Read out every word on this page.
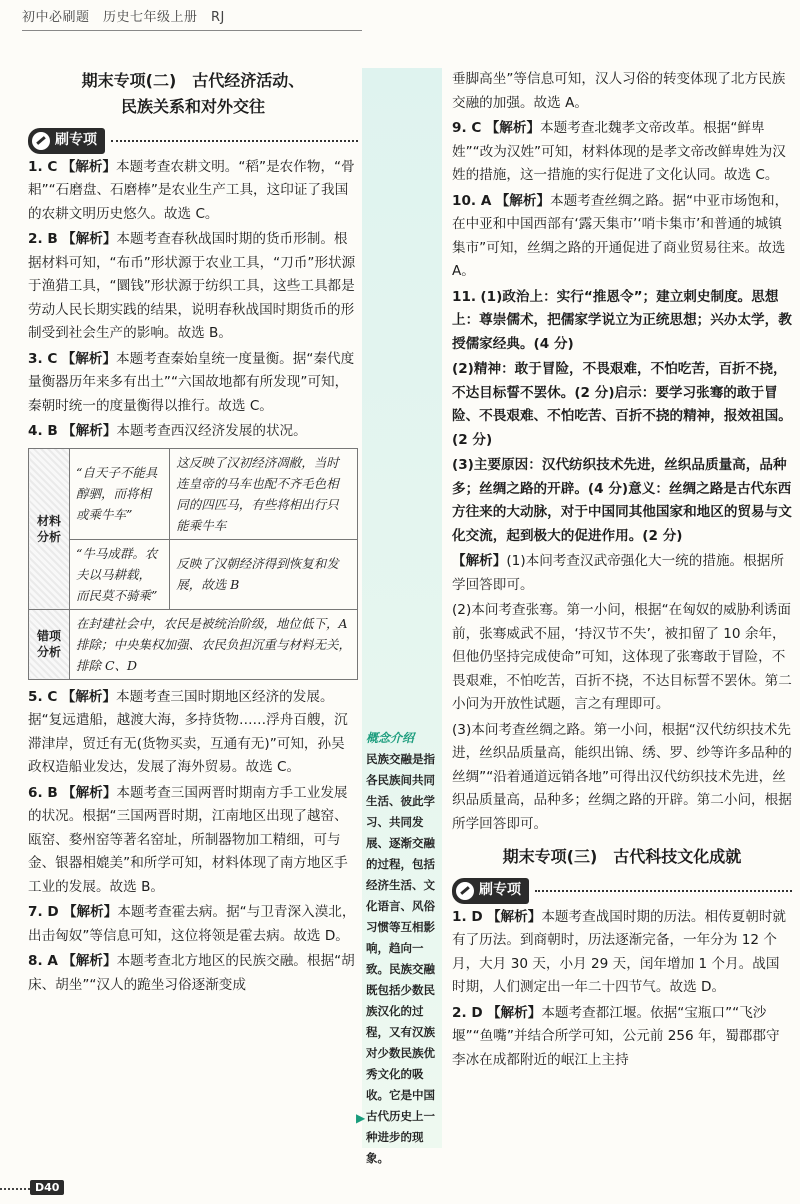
初中必刷题　历史七年级上册　RJ
期末专项(二)　古代经济活动、
民族关系和对外交往
刷专项
1. C 【解析】本题考查农耕文明。“稻”是农作物，“骨耜”“石磨盘、石磨棒”是农业生产工具，这印证了我国的农耕文明历史悠久。故选 C。
2. B 【解析】本题考查春秋战国时期的货币形制。根据材料可知，“布币”形状源于农业工具，“刀币”形状源于渔猎工具，“圜钱”形状源于纺织工具，这些工具都是劳动人民长期实践的结果，说明春秋战国时期货币的形制受到社会生产的影响。故选 B。
3. C 【解析】本题考查秦始皇统一度量衡。据“秦代度量衡器历年来多有出土”“六国故地都有所发现”可知，秦朝时统一的度量衡得以推行。故选 C。
4. B 【解析】本题考查西汉经济发展的状况。
材料分析	“自天子不能具醇驷，而将相或乘牛车”	这反映了汉初经济凋敝，当时连皇帝的马车也配不齐毛色相同的四匹马，有些将相出行只能乘牛车
	“牛马成群。农夫以马耕载，而民莫不骑乘”	反映了汉朝经济得到恢复和发展，故选 B
错项分析	在封建社会中，农民是被统治阶级，地位低下，A 排除；中央集权加强、农民负担沉重与材料无关，排除 C、D	
5. C 【解析】本题考查三国时期地区经济的发展。据“复远遣船，越渡大海，多持货物……浮舟百艘，沉滞津岸，贸迁有无(货物买卖，互通有无)”可知，孙吴政权造船业发达，发展了海外贸易。故选 C。
6. B 【解析】本题考查三国两晋时期南方手工业发展的状况。根据“三国两晋时期，江南地区出现了越窑、瓯窑、婺州窑等著名窑址，所制器物加工精细，可与金、银器相媲美”和所学可知，材料体现了南方地区手工业的发展。故选 B。
7. D 【解析】本题考查霍去病。据“与卫青深入漠北，出击匈奴”等信息可知，这位将领是霍去病。故选 D。
8. A 【解析】本题考查北方地区的民族交融。根据“胡床、胡坐”“汉人的跪坐习俗逐渐变成
概念介绍
民族交融是指各民族间共同生活、彼此学习、共同发展、逐渐交融的过程，包括经济生活、文化语言、风俗习惯等互相影响，趋向一致。民族交融既包括少数民族汉化的过程，又有汉族对少数民族优秀文化的吸收。它是中国古代历史上一种进步的现象。
▶
垂脚高坐”等信息可知，汉人习俗的转变体现了北方民族交融的加强。故选 A。
9. C 【解析】本题考查北魏孝文帝改革。根据“鲜卑姓”“改为汉姓”可知，材料体现的是孝文帝改鲜卑姓为汉姓的措施，这一措施的实行促进了文化认同。故选 C。
10. A 【解析】本题考查丝绸之路。据“中亚市场饱和，在中亚和中国西部有‘露天集市’‘哨卡集市’和普通的城镇集市”可知，丝绸之路的开通促进了商业贸易往来。故选 A。
11. (1)政治上：实行“推恩令”；建立刺史制度。思想上：尊崇儒术，把儒家学说立为正统思想；兴办太学，教授儒家经典。(4 分)
(2)精神：敢于冒险，不畏艰难，不怕吃苦，百折不挠，不达目标誓不罢休。(2 分)启示：要学习张骞的敢于冒险、不畏艰难、不怕吃苦、百折不挠的精神，报效祖国。(2 分)
(3)主要原因：汉代纺织技术先进，丝织品质量高，品种多；丝绸之路的开辟。(4 分)意义：丝绸之路是古代东西方往来的大动脉，对于中国同其他国家和地区的贸易与文化交流，起到极大的促进作用。(2 分)
【解析】(1)本问考查汉武帝强化大一统的措施。根据所学回答即可。
(2)本问考查张骞。第一小问，根据“在匈奴的威胁利诱面前，张骞威武不屈，‘持汉节不失’，被扣留了 10 余年，但他仍坚持完成使命”可知，这体现了张骞敢于冒险，不畏艰难，不怕吃苦，百折不挠，不达目标誓不罢休。第二小问为开放性试题，言之有理即可。
(3)本问考查丝绸之路。第一小问，根据“汉代纺织技术先进，丝织品质量高，能织出锦、绣、罗、纱等许多品种的丝绸”“沿着通道远销各地”可得出汉代纺织技术先进，丝织品质量高，品种多；丝绸之路的开辟。第二小问，根据所学回答即可。
期末专项(三)　古代科技文化成就
刷专项
1. D 【解析】本题考查战国时期的历法。相传夏朝时就有了历法。到商朝时，历法逐渐完备，一年分为 12 个月，大月 30 天，小月 29 天，闰年增加 1 个月。战国时期，人们测定出一年二十四节气。故选 D。
2. D 【解析】本题考查都江堰。依据“宝瓶口”“飞沙堰”“鱼嘴”并结合所学可知，公元前 256 年，蜀郡郡守李冰在成都附近的岷江上主持
D40
